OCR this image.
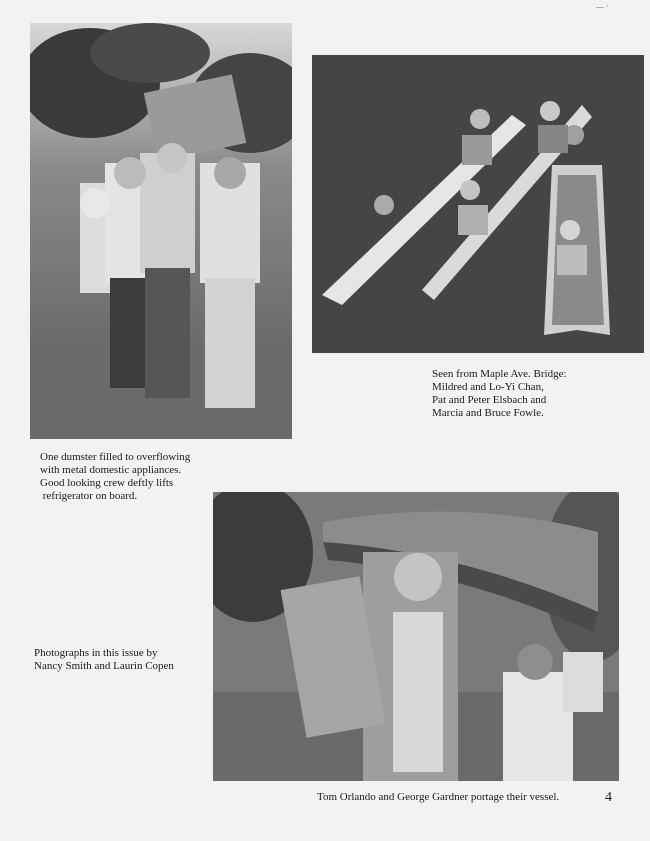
— ·
Seen from Maple Ave. Bridge:
Mildred and Lo-Yi Chan,
Pat and Peter Elsbach and
Marcia and Bruce Fowle.
One dumster filled to overflowing
with metal domestic appliances.
Good looking crew deftly lifts
refrigerator on board.
Photographs in this issue by
Nancy Smith and Laurin Copen
Tom Orlando and George Gardner portage their vessel.	4
